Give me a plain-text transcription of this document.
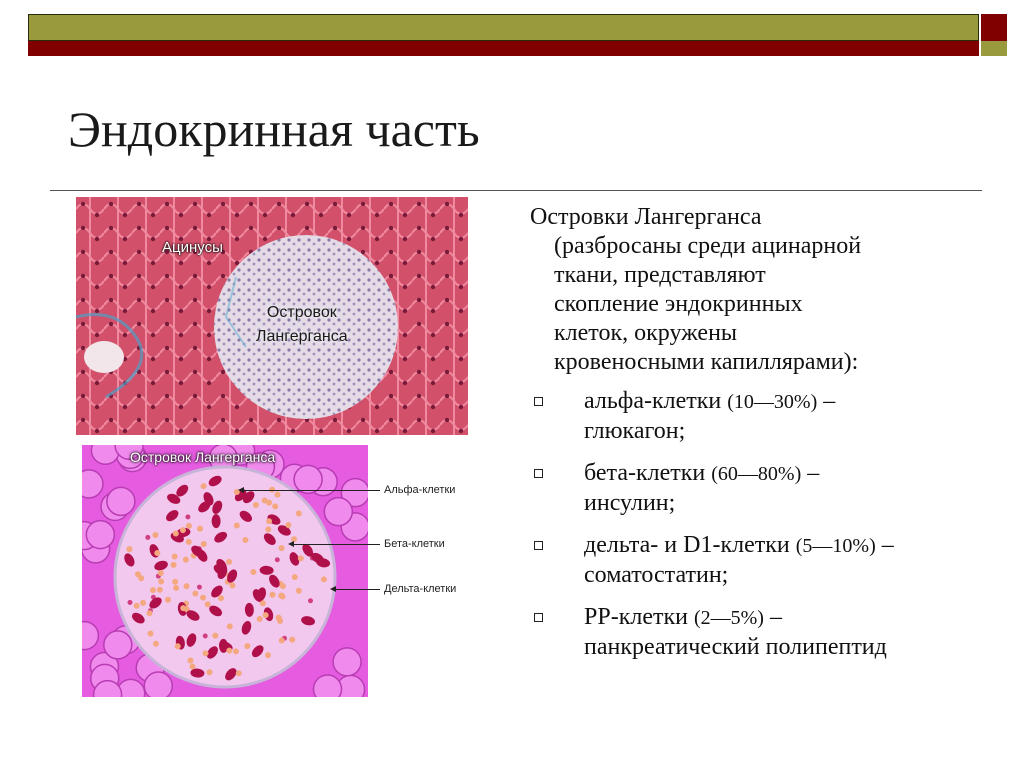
Эндокринная часть
Ацинусы
Островок
Лангерганса
Островок Лангерганса
Альфа-клетки
Бета-клетки
Дельта-клетки

Островки Лангерганса
(разбросаны среди ацинарной
ткани, представляют
скопление эндокринных
клеток, окружены
кровеносными капиллярами):

альфа-клетки (10—30%) –
глюкагон;
бета-клетки (60—80%) –
инсулин;
дельта- и D1-клетки (5—10%) –
соматостатин;
PP-клетки (2—5%) –
панкреатический полипептид
